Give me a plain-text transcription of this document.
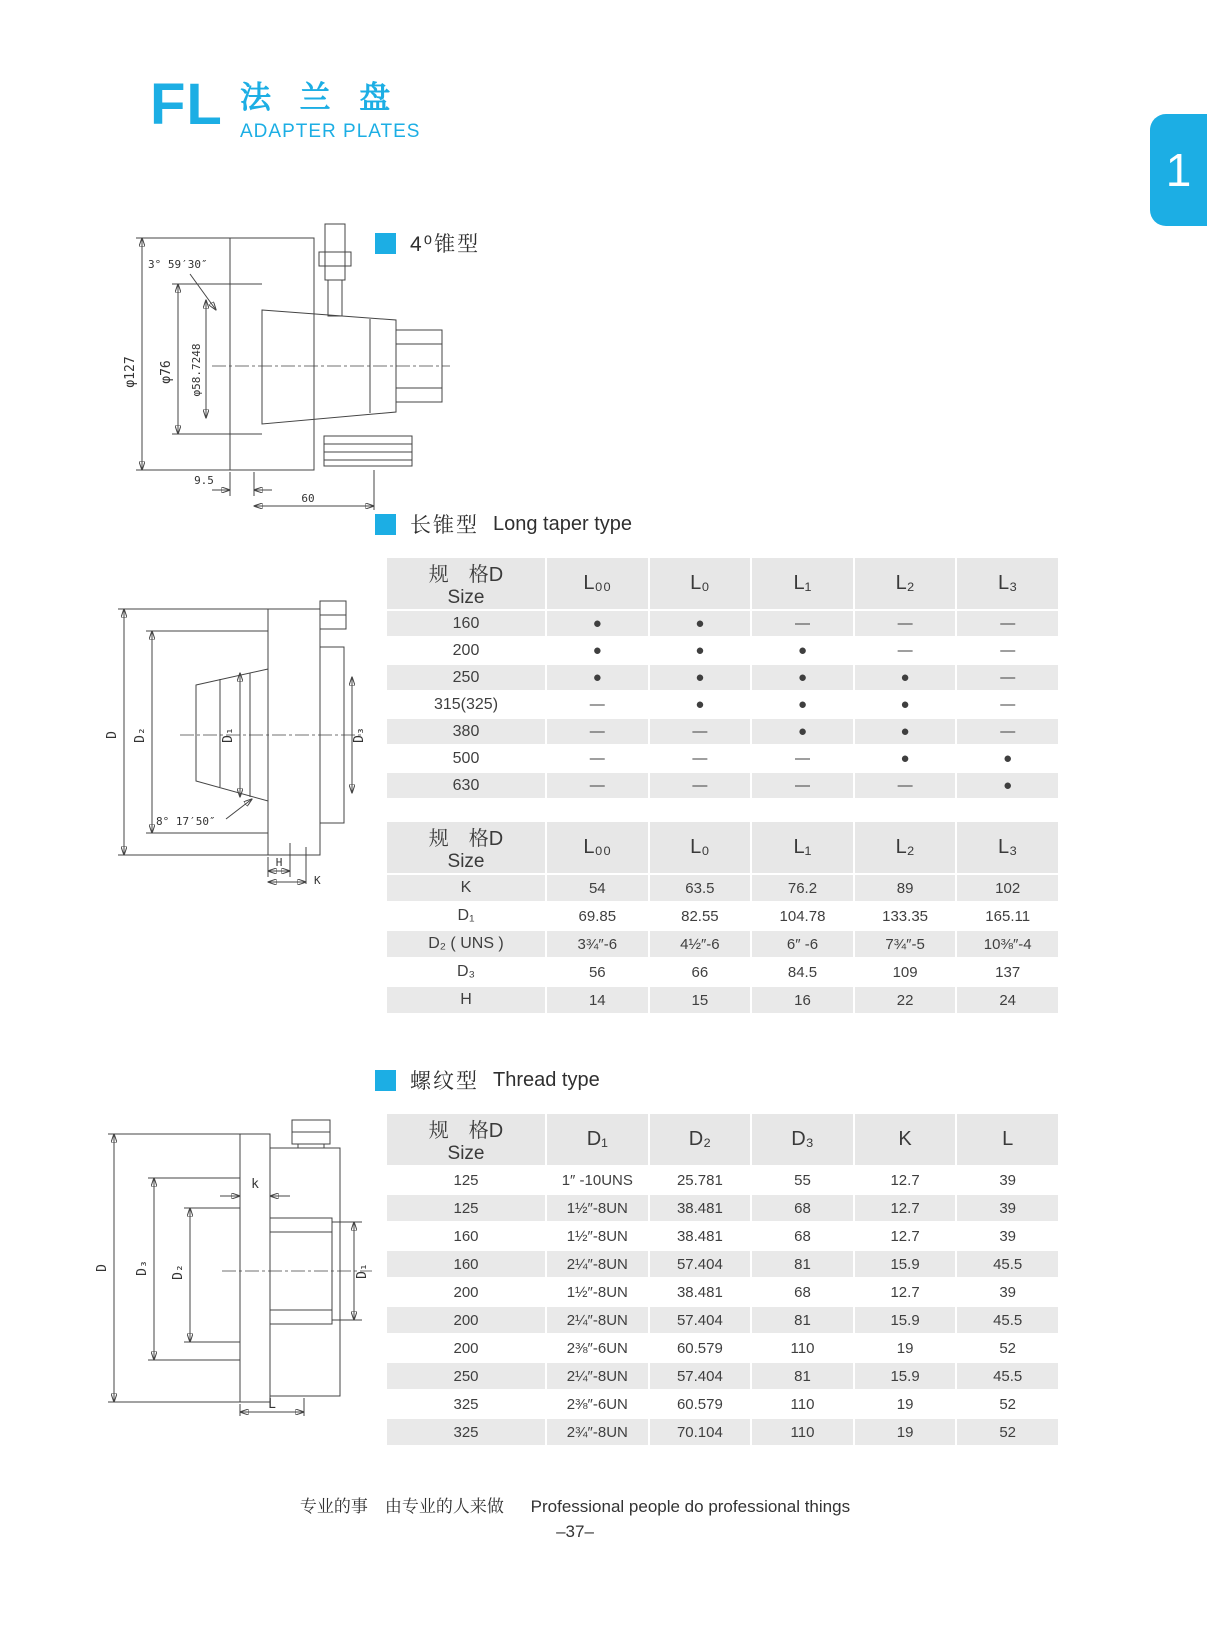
FL 法 兰 盘
ADAPTER PLATES
1
φ127 φ76 φ58.7248
3° 59′30″
9.5
60
4⁰锥型
长锥型 Long taper type
D D₂	D₁	D₃
8° 17′50″
H
K
规　格D
Size	L₀₀	L₀	L₁	L₂	L₃
160	●	●	—	—	—
200	●	●	●	—	—
250	●	●	●	●	—
315(325)	—	●	●	●	—
380	—	—	●	●	—
500	—	—	—	●	●
630	—	—	—	—	●
规　格D
Size	L₀₀	L₀	L₁	L₂	L₃
K	54	63.5	76.2	89	102
D₁	69.85	82.55	104.78	133.35	165.11
D₂ ( UNS )	3¾″-6	4½″-6	6″ -6	7¾″-5	10⅜″-4
D₃	56	66	84.5	109	137
H	14	15	16	22	24
螺纹型 Thread type
D D₃ D₂	D₁
k
L
规　格D
Size	D₁	D₂	D₃	K	L
125	1″ -10UNS	25.781	55	12.7	39
125	1½″-8UN	38.481	68	12.7	39
160	1½″-8UN	38.481	68	12.7	39
160	2¼″-8UN	57.404	81	15.9	45.5
200	1½″-8UN	38.481	68	12.7	39
200	2¼″-8UN	57.404	81	15.9	45.5
200	2⅜″-6UN	60.579	110	19	52
250	2¼″-8UN	57.404	81	15.9	45.5
325	2⅜″-6UN	60.579	110	19	52
325	2¾″-8UN	70.104	110	19	52
专业的事　由专业的人来做 Professional people do professional things
–37–
